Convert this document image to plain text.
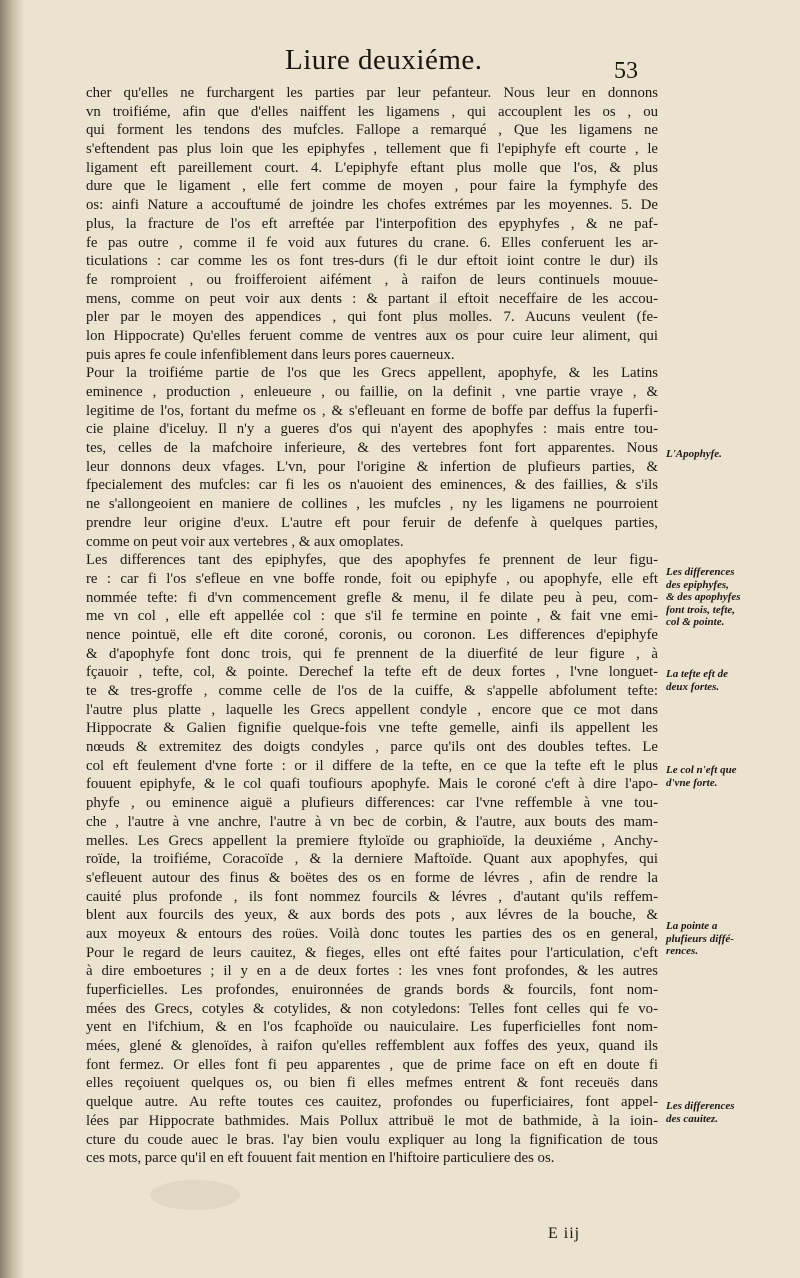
Liure deuxiéme.	53
cher qu'elles ne furchargent les parties par leur pefanteur. Nous leur en donnons
vn troifiéme, afin que d'elles naiffent les ligamens , qui accouplent les os , ou
qui forment les tendons des mufcles. Fallope a remarqué , Que les ligamens ne
s'eftendent pas plus loin que les epiphyfes , tellement que fi l'epiphyfe eft courte , le
ligament eft pareillement court. 4. L'epiphyfe eftant plus molle que l'os, & plus
dure que le ligament , elle fert comme de moyen , pour faire la fymphyfe des
os: ainfi Nature a accouftumé de joindre les chofes extrémes par les moyennes. 5. De
plus, la fracture de l'os eft arreftée par l'interpofition des epyphyfes , & ne paf-
fe pas outre , comme il fe void aux futures du crane. 6. Elles conferuent les ar-
ticulations : car comme les os font tres-durs (fi le dur eftoit ioint contre le dur) ils
fe romproient , ou froifferoient aifément , à raifon de leurs continuels mouue-
mens, comme on peut voir aux dents : & partant il eftoit neceffaire de les accou-
pler par le moyen des appendices , qui font plus molles. 7. Aucuns veulent (fe-
lon Hippocrate) Qu'elles feruent comme de ventres aux os pour cuire leur aliment, qui
puis apres fe coule infenfiblement dans leurs pores cauerneux.
Pour la troifiéme partie de l'os que les Grecs appellent, apophyfe, & les Latins
eminence , production , enleueure , ou faillie, on la definit , vne partie vraye , &
legitime de l'os, fortant du mefme os , & s'efleuant en forme de boffe par deffus la fuperfi-
cie plaine d'iceluy. Il n'y a gueres d'os qui n'ayent des apophyfes : mais entre tou-
tes, celles de la mafchoire inferieure, & des vertebres font fort apparentes. Nous
leur donnons deux vfages. L'vn, pour l'origine & infertion de plufieurs parties, &
fpecialement des mufcles: car fi les os n'auoient des eminences, & des faillies, & s'ils
ne s'allongeoient en maniere de collines , les mufcles , ny les ligamens ne pourroient
prendre leur origine d'eux. L'autre eft pour feruir de defenfe à quelques parties,
comme on peut voir aux vertebres , & aux omoplates.
Les differences tant des epiphyfes, que des apophyfes fe prennent de leur figu-
re : car fi l'os s'efleue en vne boffe ronde, foit ou epiphyfe , ou apophyfe, elle eft
nommée tefte: fi d'vn commencement grefle & menu, il fe dilate peu à peu, com-
me vn col , elle eft appellée col : que s'il fe termine en pointe , & fait vne emi-
nence pointuë, elle eft dite coroné, coronis, ou coronon. Les differences d'epiphyfe
& d'apophyfe font donc trois, qui fe prennent de la diuerfité de leur figure , à
fçauoir , tefte, col, & pointe. Derechef la tefte eft de deux fortes , l'vne longuet-
te & tres-groffe , comme celle de l'os de la cuiffe, & s'appelle abfolument tefte:
l'autre plus platte , laquelle les Grecs appellent condyle , encore que ce mot dans
Hippocrate & Galien fignifie quelque-fois vne tefte gemelle, ainfi ils appellent les
nœuds & extremitez des doigts condyles , parce qu'ils ont des doubles teftes. Le
col eft feulement d'vne forte : or il differe de la tefte, en ce que la tefte eft le plus
fouuent epiphyfe, & le col quafi toufiours apophyfe. Mais le coroné c'eft à dire l'apo-
phyfe , ou eminence aiguë a plufieurs differences: car l'vne reffemble à vne tou-
che , l'autre à vne anchre, l'autre à vn bec de corbin, & l'autre, aux bouts des mam-
melles. Les Grecs appellent la premiere ftyloïde ou graphioïde, la deuxiéme , Anchy-
roïde, la troifiéme, Coracoïde , & la derniere Maftoïde. Quant aux apophyfes, qui
s'efleuent autour des finus & boëtes des os en forme de lévres , afin de rendre la
cauité plus profonde , ils font nommez fourcils & lévres , d'autant qu'ils reffem-
blent aux fourcils des yeux, & aux bords des pots , aux lévres de la bouche, &
aux moyeux & entours des roües. Voilà donc toutes les parties des os en general,
Pour le regard de leurs cauitez, & fieges, elles ont efté faites pour l'articulation, c'eft
à dire emboetures ; il y en a de deux fortes : les vnes font profondes, & les autres
fuperficielles. Les profondes, enuironnées de grands bords & fourcils, font nom-
mées des Grecs, cotyles & cotylides, & non cotyledons: Telles font celles qui fe vo-
yent en l'ifchium, & en l'os fcaphoïde ou nauiculaire. Les fuperficielles font nom-
mées, glené & glenoïdes, à raifon qu'elles reffemblent aux foffes des yeux, quand ils
font fermez. Or elles font fi peu apparentes , que de prime face on eft en doute fi
elles reçoiuent quelques os, ou bien fi elles mefmes entrent & font receuës dans
quelque autre. Au refte toutes ces cauitez, profondes ou fuperficiaires, font appel-
lées par Hippocrate bathmides. Mais Pollux attribuë le mot de bathmide, à la ioin-
cture du coude auec le bras. l'ay bien voulu expliquer au long la fignification de tous
ces mots, parce qu'il en eft fouuent fait mention en l'hiftoire particuliere des os.
L'Apophyfe.
Les differences
des epiphyfes,
& des apophyfes
font trois, tefte,
col & pointe.
La tefte eft de
deux fortes.
Le col n'eft que
d'vne forte.
La pointe a
plufieurs diffé-
rences.
Les differences
des cauitez.
E iij
